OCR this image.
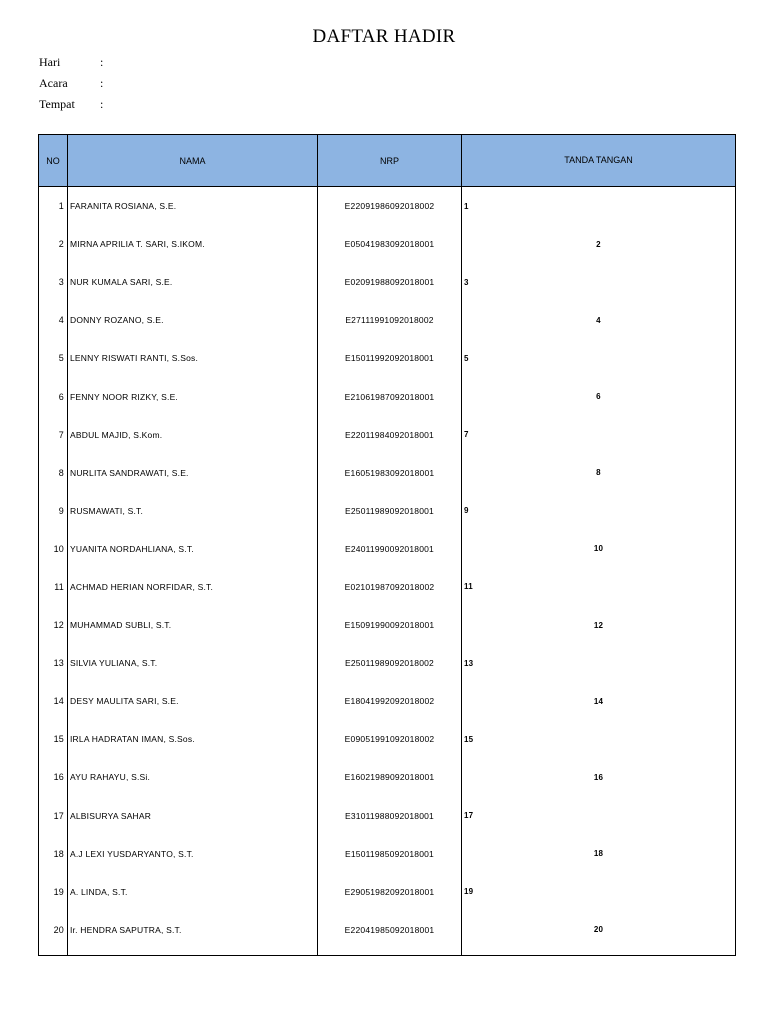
DAFTAR HADIR
Hari	:
Acara	:
Tempat	:
NO	NAMA	NRP	TANDA TANGAN
1 FARANITA ROSIANA, S.E.	E22091986092018002	1
2 MIRNA APRILIA T. SARI, S.IKOM.	E05041983092018001	2
3 NUR KUMALA SARI, S.E.	E02091988092018001	3
4 DONNY ROZANO, S.E.	E27111991092018002	4
5 LENNY RISWATI RANTI, S.Sos.	E15011992092018001	5
6 FENNY NOOR RIZKY, S.E.	E21061987092018001	6
7 ABDUL MAJID, S.Kom.	E22011984092018001	7
8 NURLITA SANDRAWATI, S.E.	E16051983092018001	8
9 RUSMAWATI, S.T.	E25011989092018001	9
10 YUANITA NORDAHLIANA, S.T.	E24011990092018001	10
11 ACHMAD HERIAN NORFIDAR, S.T.	E02101987092018002	11
12 MUHAMMAD SUBLI, S.T.	E15091990092018001	12
13 SILVIA YULIANA, S.T.	E25011989092018002	13
14 DESY MAULITA SARI, S.E.	E18041992092018002	14
15 IRLA HADRATAN IMAN, S.Sos.	E09051991092018002	15
16 AYU RAHAYU, S.Si.	E16021989092018001	16
17 ALBISURYA SAHAR	E31011988092018001	17
18 A.J LEXI YUSDARYANTO, S.T.	E15011985092018001	18
19 A. LINDA, S.T.	E29051982092018001	19
20 Ir. HENDRA SAPUTRA, S.T.	E22041985092018001	20
